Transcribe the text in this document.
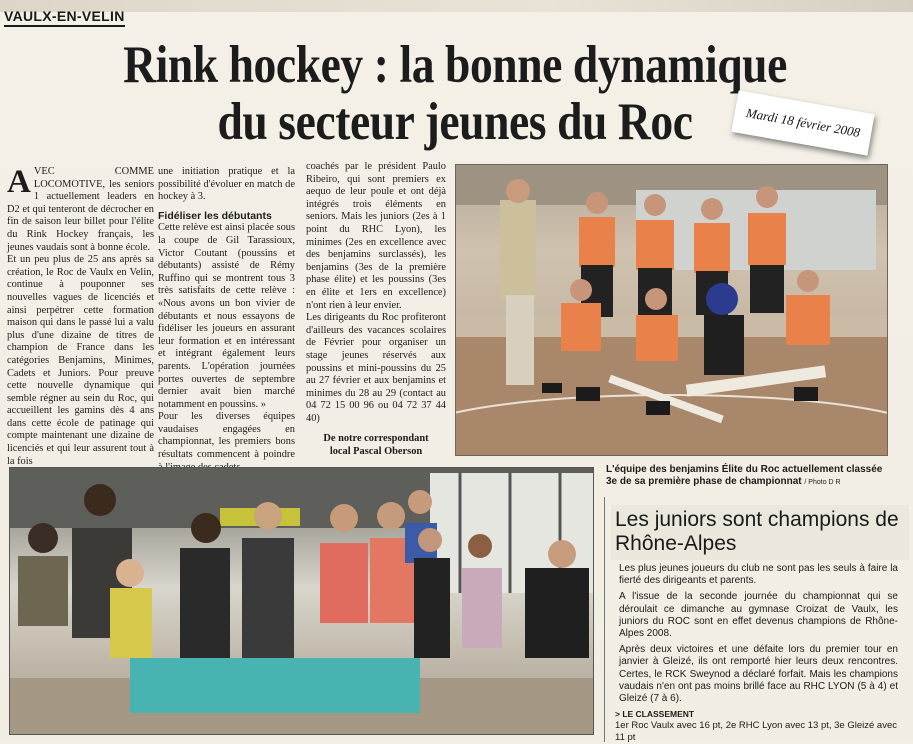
VAULX-EN-VELIN
Rink hockey : la bonne dynamique
du secteur jeunes du Roc	Mardi 18 février 2008

AVEC COMME LOCOMOTIVE, les seniors 1 actuellement leaders en D2 et qui tenteront de décrocher en fin de saison leur billet pour l'élite du Rink Hockey français, les jeunes vaudais sont à bonne école.

Et un peu plus de 25 ans après sa création, le Roc de Vaulx en Velin, continue à pouponner ses nouvelles vagues de licenciés et ainsi perpétrer cette formation maison qui dans le passé lui a valu plus d'une dizaine de titres de champion de France dans les catégories Benjamins, Minimes, Cadets et Juniors. Pour preuve cette nouvelle dynamique qui semble régner au sein du Roc, qui accueillent les gamins dès 4 ans dans cette école de patinage qui compte maintenant une dizaine de licenciés et qui leur assurent tout à la fois

une initiation pratique et la possibilité d'évoluer en match de hockey à 3.

Fidéliser les débutants

Cette relève est ainsi placée sous la coupe de Gil Tarassioux, Victor Coutant (poussins et débutants) assisté de Rémy Ruffino qui se montrent tous 3 très satisfaits de cette relève : «Nous avons un bon vivier de débutants et nous essayons de fidéliser les joueurs en assurant leur formation et en intéressant et intégrant également leurs parents. L'opération journées portes ouvertes de septembre dernier avait bien marché notamment en poussins. »

Pour les diverses équipes vaudaises engagées en championnat, les premiers bons résultats commencent à poindre

coachés par le président Paulo Ribeiro, qui sont premiers ex aequo de leur poule et ont déjà intégrés trois éléments en seniors. Mais les juniors (2es à 1 point du RHC Lyon), les minimes (2es en excellence avec des benjamins surclassés), les benjamins (3es de la première phase élite) et les poussins (3es en élite et 1ers en excellence) n'ont rien à leur envier.

Les dirigeants du Roc profiteront d'ailleurs des vacances scolaires de Février pour organiser un stage jeunes réservés aux poussins et mini-poussins du 25 au 27 février et aux benjamins et minimes du 28 au 29 (contact au 04 72 15 00 96 ou 04 72 37 44 40)

De notre correspondant
local Pascal Oberson

L'équipe des benjamins Élite du Roc actuellement classée 3e de sa première phase de championnat / Photo D R
Les juniors sont champions de Rhône-Alpes

Les plus jeunes joueurs du club ne sont pas les seuls à faire la fierté des dirigeants et parents.

A l'issue de la seconde journée du championnat qui se déroulait ce dimanche au gymnase Croizat de Vaulx, les juniors du ROC sont en effet devenus champions de Rhône-Alpes 2008.

Après deux victoires et une défaite lors du premier tour en janvier à Gleizé, ils ont remporté hier leurs deux rencontres. Certes, le RCK Sweynod a déclaré forfait. Mais les champions vaudais n'en ont pas moins brillé face au RHC LYON (5 à 4) et Gleizé (7 à 6).

> LE CLASSEMENT
1er Roc Vaulx avec 16 pt, 2e RHC Lyon avec 13 pt, 3e Gleizé avec 11 pt
